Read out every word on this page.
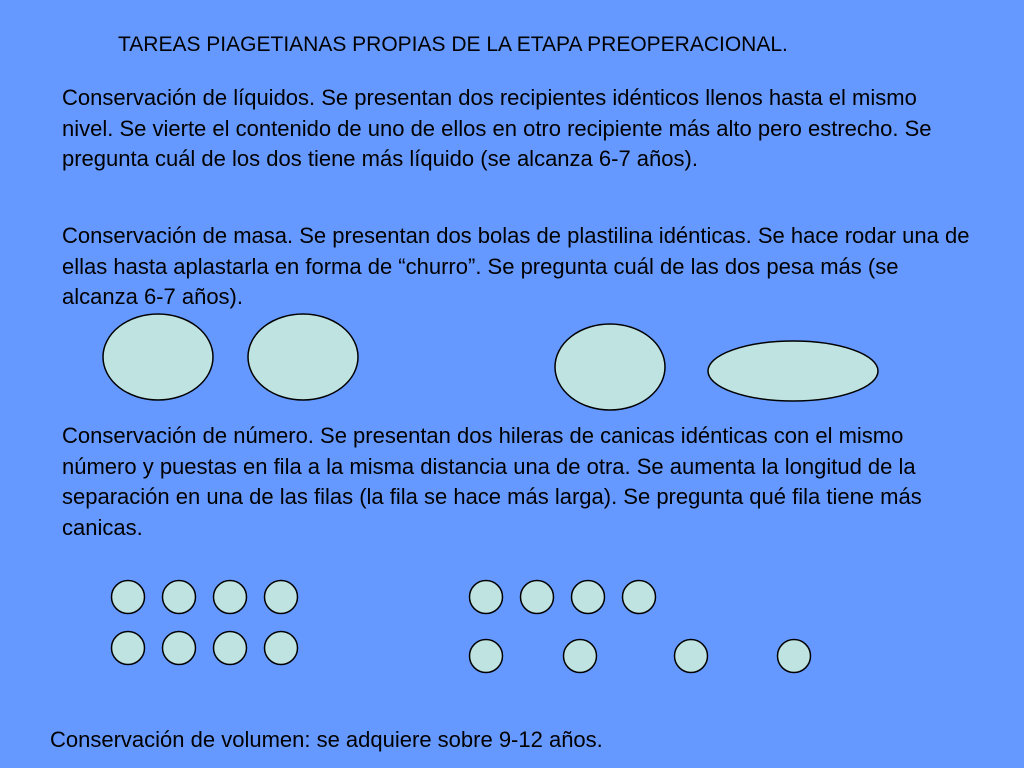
TAREAS PIAGETIANAS PROPIAS DE LA ETAPA PREOPERACIONAL.

Conservación de líquidos. Se presentan dos recipientes idénticos llenos hasta el mismo nivel. Se vierte el contenido de uno de ellos en otro recipiente más alto pero estrecho. Se pregunta cuál de los dos tiene más líquido (se alcanza 6-7 años).

Conservación de masa. Se presentan dos bolas de plastilina idénticas. Se hace rodar una de ellas hasta aplastarla en forma de “churro”. Se pregunta cuál de las dos pesa más (se alcanza 6-7 años).

Conservación de número. Se presentan dos hileras de canicas idénticas con el mismo número y puestas en fila a la misma distancia una de otra. Se aumenta la longitud de la separación en una de las filas (la fila se hace más larga). Se pregunta qué fila tiene más canicas.

Conservación de volumen: se adquiere sobre 9-12 años.
